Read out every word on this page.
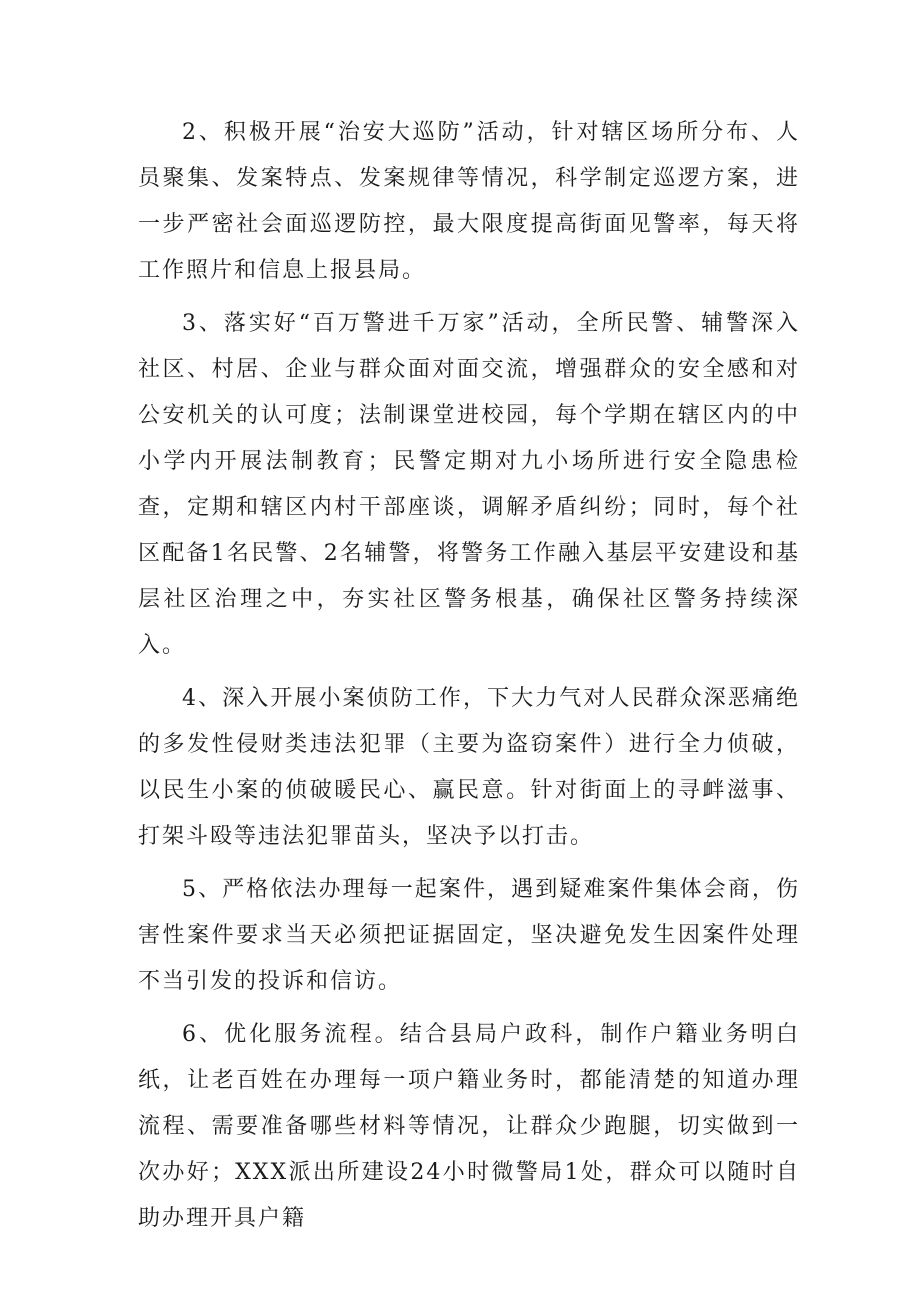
2、积极开展“治安大巡防”活动，针对辖区场所分布、人员聚集、发案特点、发案规律等情况，科学制定巡逻方案，进一步严密社会面巡逻防控，最大限度提高街面见警率，每天将工作照片和信息上报县局。

3、落实好“百万警进千万家”活动，全所民警、辅警深入社区、村居、企业与群众面对面交流，增强群众的安全感和对公安机关的认可度；法制课堂进校园，每个学期在辖区内的中小学内开展法制教育；民警定期对九小场所进行安全隐患检查，定期和辖区内村干部座谈，调解矛盾纠纷；同时，每个社区配备1名民警、2名辅警，将警务工作融入基层平安建设和基层社区治理之中，夯实社区警务根基，确保社区警务持续深入。

4、深入开展小案侦防工作，下大力气对人民群众深恶痛绝的多发性侵财类违法犯罪（主要为盗窃案件）进行全力侦破，以民生小案的侦破暖民心、赢民意。针对街面上的寻衅滋事、打架斗殴等违法犯罪苗头，坚决予以打击。

5、严格依法办理每一起案件，遇到疑难案件集体会商，伤害性案件要求当天必须把证据固定，坚决避免发生因案件处理不当引发的投诉和信访。

6、优化服务流程。结合县局户政科，制作户籍业务明白纸，让老百姓在办理每一项户籍业务时，都能清楚的知道办理流程、需要准备哪些材料等情况，让群众少跑腿，切实做到一次办好；XXX派出所建设24小时微警局1处，群众可以随时自助办理开具户籍
